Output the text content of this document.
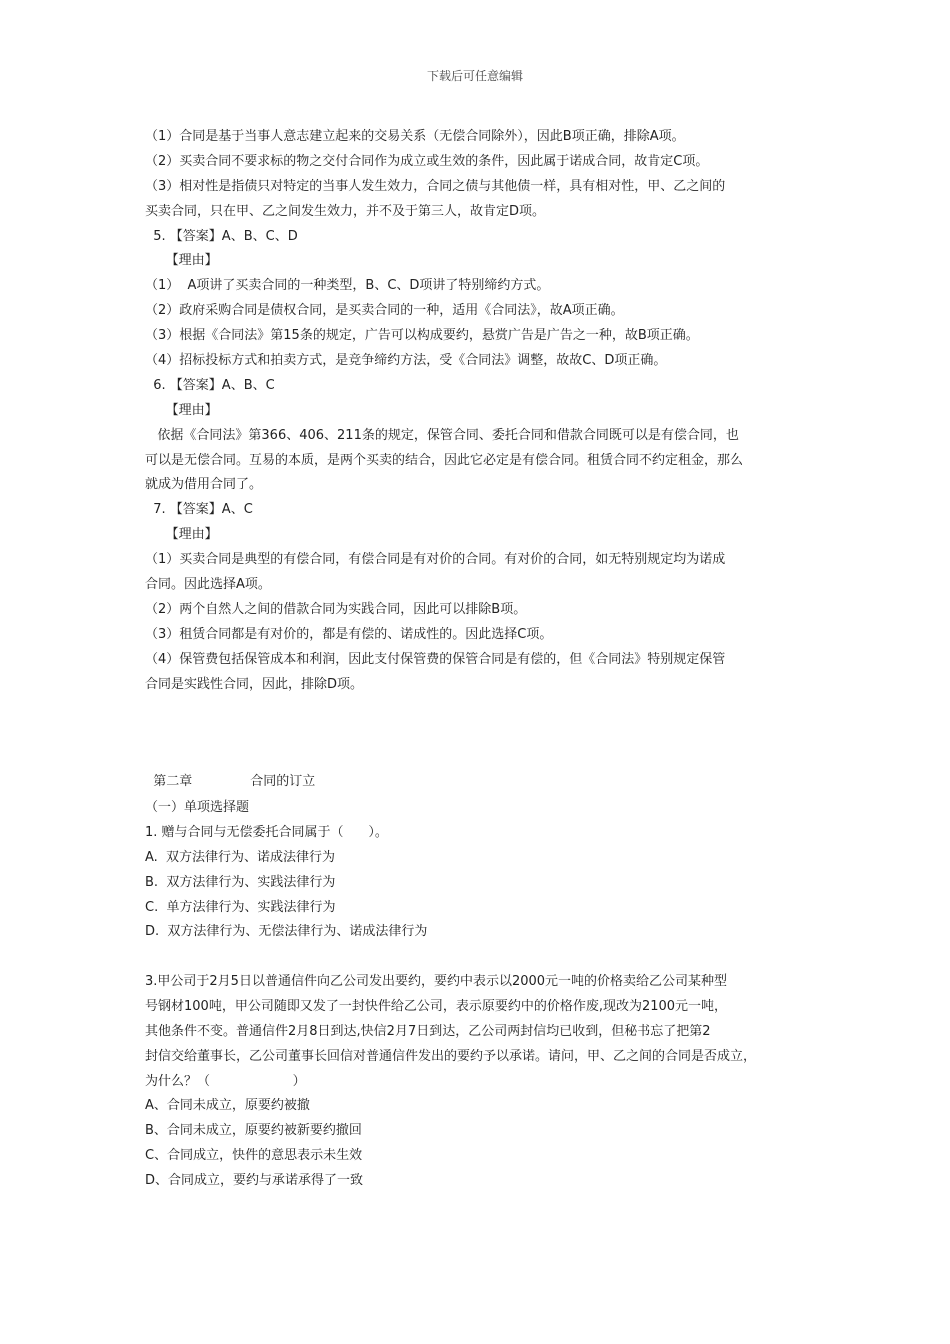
下载后可任意编辑
（1）合同是基于当事人意志建立起来的交易关系（无偿合同除外），因此B项正确，排除A项。
（2）买卖合同不要求标的物之交付合同作为成立或生效的条件，因此属于诺成合同，故肯定C项。
（3）相对性是指债只对特定的当事人发生效力，合同之债与其他债一样，具有相对性，甲、乙之间的
买卖合同，只在甲、乙之间发生效力，并不及于第三人，故肯定D项。
5. 【答案】A、B、C、D
【理由】
（1）  A项讲了买卖合同的一种类型，B、C、D项讲了特别缔约方式。
（2）政府采购合同是债权合同，是买卖合同的一种，适用《合同法》，故A项正确。
（3）根据《合同法》第15条的规定，广告可以构成要约，悬赏广告是广告之一种，故B项正确。
（4）招标投标方式和拍卖方式，是竞争缔约方法，受《合同法》调整，故故C、D项正确。
6. 【答案】A、B、C
【理由】
依据《合同法》第366、406、211条的规定，保管合同、委托合同和借款合同既可以是有偿合同，也
可以是无偿合同。互易的本质，是两个买卖的结合，因此它必定是有偿合同。租赁合同不约定租金，那么
就成为借用合同了。
7. 【答案】A、C
【理由】
（1）买卖合同是典型的有偿合同，有偿合同是有对价的合同。有对价的合同，如无特别规定均为诺成
合同。因此选择A项。
（2）两个自然人之间的借款合同为实践合同，因此可以排除B项。
（3）租赁合同都是有对价的，都是有偿的、诺成性的。因此选择C项。
（4）保管费包括保管成本和利润，因此支付保管费的保管合同是有偿的，但《合同法》特别规定保管
合同是实践性合同，因此，排除D项。

第二章	合同的订立

（一）单项选择题
1. 赠与合同与无偿委托合同属于（      ）。
A.  双方法律行为、诺成法律行为
B.  双方法律行为、实践法律行为
C.  单方法律行为、实践法律行为
D.  双方法律行为、无偿法律行为、诺成法律行为
3.甲公司于2月5日以普通信件向乙公司发出要约，要约中表示以2000元一吨的价格卖给乙公司某种型
号钢材100吨，甲公司随即又发了一封快件给乙公司，表示原要约中的价格作废,现改为2100元一吨，
其他条件不变。普通信件2月8日到达,快信2月7日到达，乙公司两封信均已收到，但秘书忘了把第2
封信交给董事长，乙公司董事长回信对普通信件发出的要约予以承诺。请问，甲、乙之间的合同是否成立，
为什么？（                    ）
A、合同未成立，原要约被撤
B、合同未成立，原要约被新要约撤回
C、合同成立，快件的意思表示未生效
D、合同成立，要约与承诺承得了一致
